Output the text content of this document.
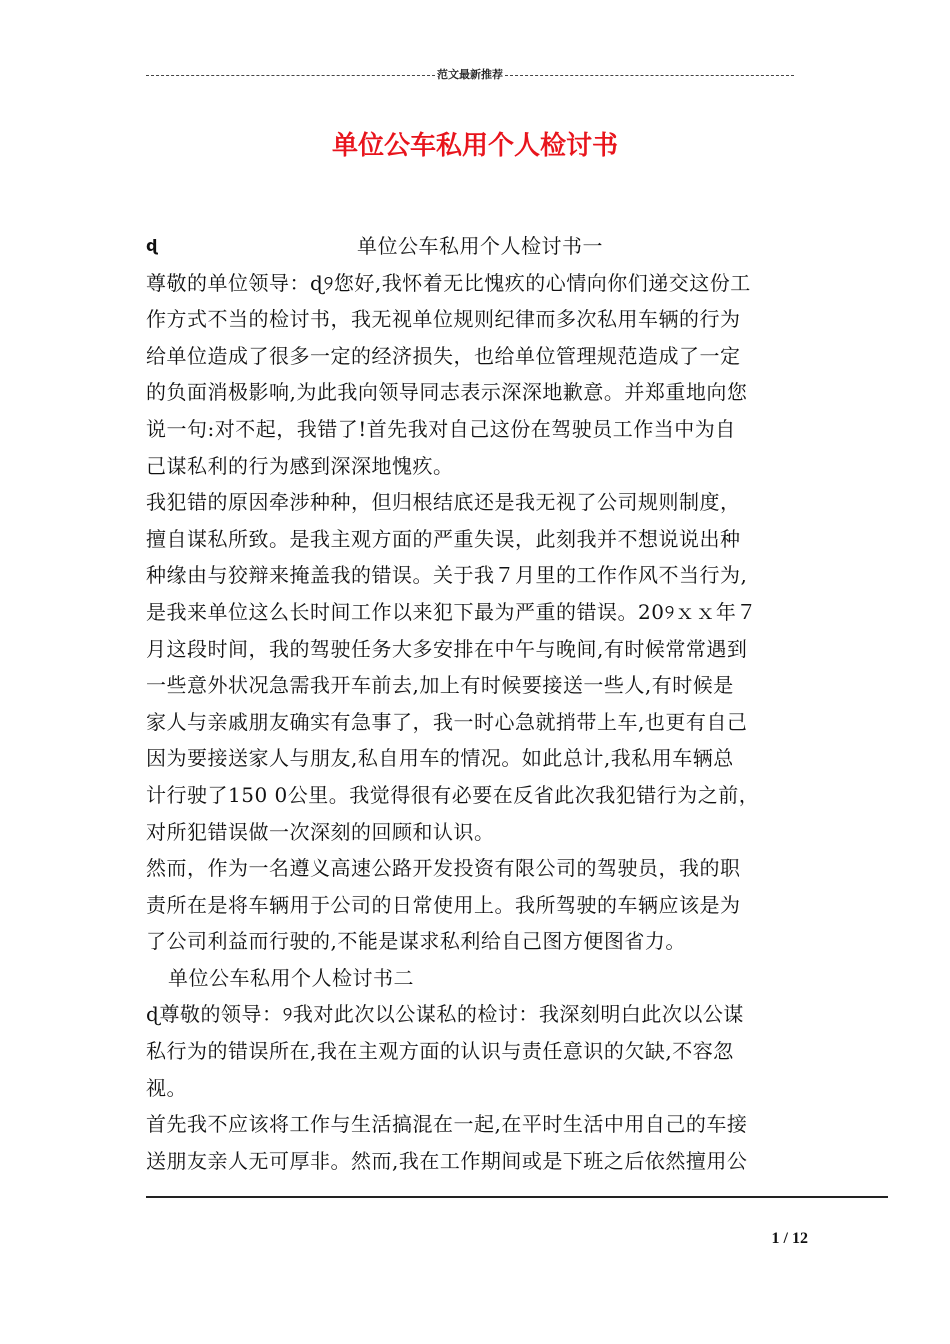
范文最新推荐
单位公车私用个人检讨书
ɖ	单位公车私用个人检讨书一
尊敬的单位领导：ɖ୨您好,我怀着无比愧疚的心情向你们递交这份工
作方式不当的检讨书，我无视单位规则纪律而多次私用车辆的行为
给单位造成了很多一定的经济损失，也给单位管理规范造成了一定
的负面消极影响,为此我向领导同志表示深深地歉意。并郑重地向您
说一句:对不起，我错了!首先我对自己这份在驾驶员工作当中为自
己谋私利的行为感到深深地愧疚。
我犯错的原因牵涉种种，但归根结底还是我无视了公司规则制度，
擅自谋私所致。是我主观方面的严重失误，此刻我并不想说说出种
种缘由与狡辩来掩盖我的错误。关于我７月里的工作作风不当行为,
是我来单位这么长时间工作以来犯下最为严重的错误。20୨ｘｘ年７
月这段时间，我的驾驶任务大多安排在中午与晚间,有时候常常遇到
一些意外状况急需我开车前去,加上有时候要接送一些人,有时候是
家人与亲戚朋友确实有急事了，我一时心急就捎带上车,也更有自己
因为要接送家人与朋友,私自用车的情况。如此总计,我私用车辆总
计行驶了150 0公里。我觉得很有必要在反省此次我犯错行为之前，
对所犯错误做一次深刻的回顾和认识。
然而，作为一名遵义高速公路开发投资有限公司的驾驶员，我的职
责所在是将车辆用于公司的日常使用上。我所驾驶的车辆应该是为
了公司利益而行驶的,不能是谋求私利给自己图方便图省力。
单位公车私用个人检讨书二
ɖ尊敬的领导：୨我对此次以公谋私的检讨：我深刻明白此次以公谋
私行为的错误所在,我在主观方面的认识与责任意识的欠缺,不容忽
视。
首先我不应该将工作与生活搞混在一起,在平时生活中用自己的车接
送朋友亲人无可厚非。然而,我在工作期间或是下班之后依然擅用公
1 / 12
